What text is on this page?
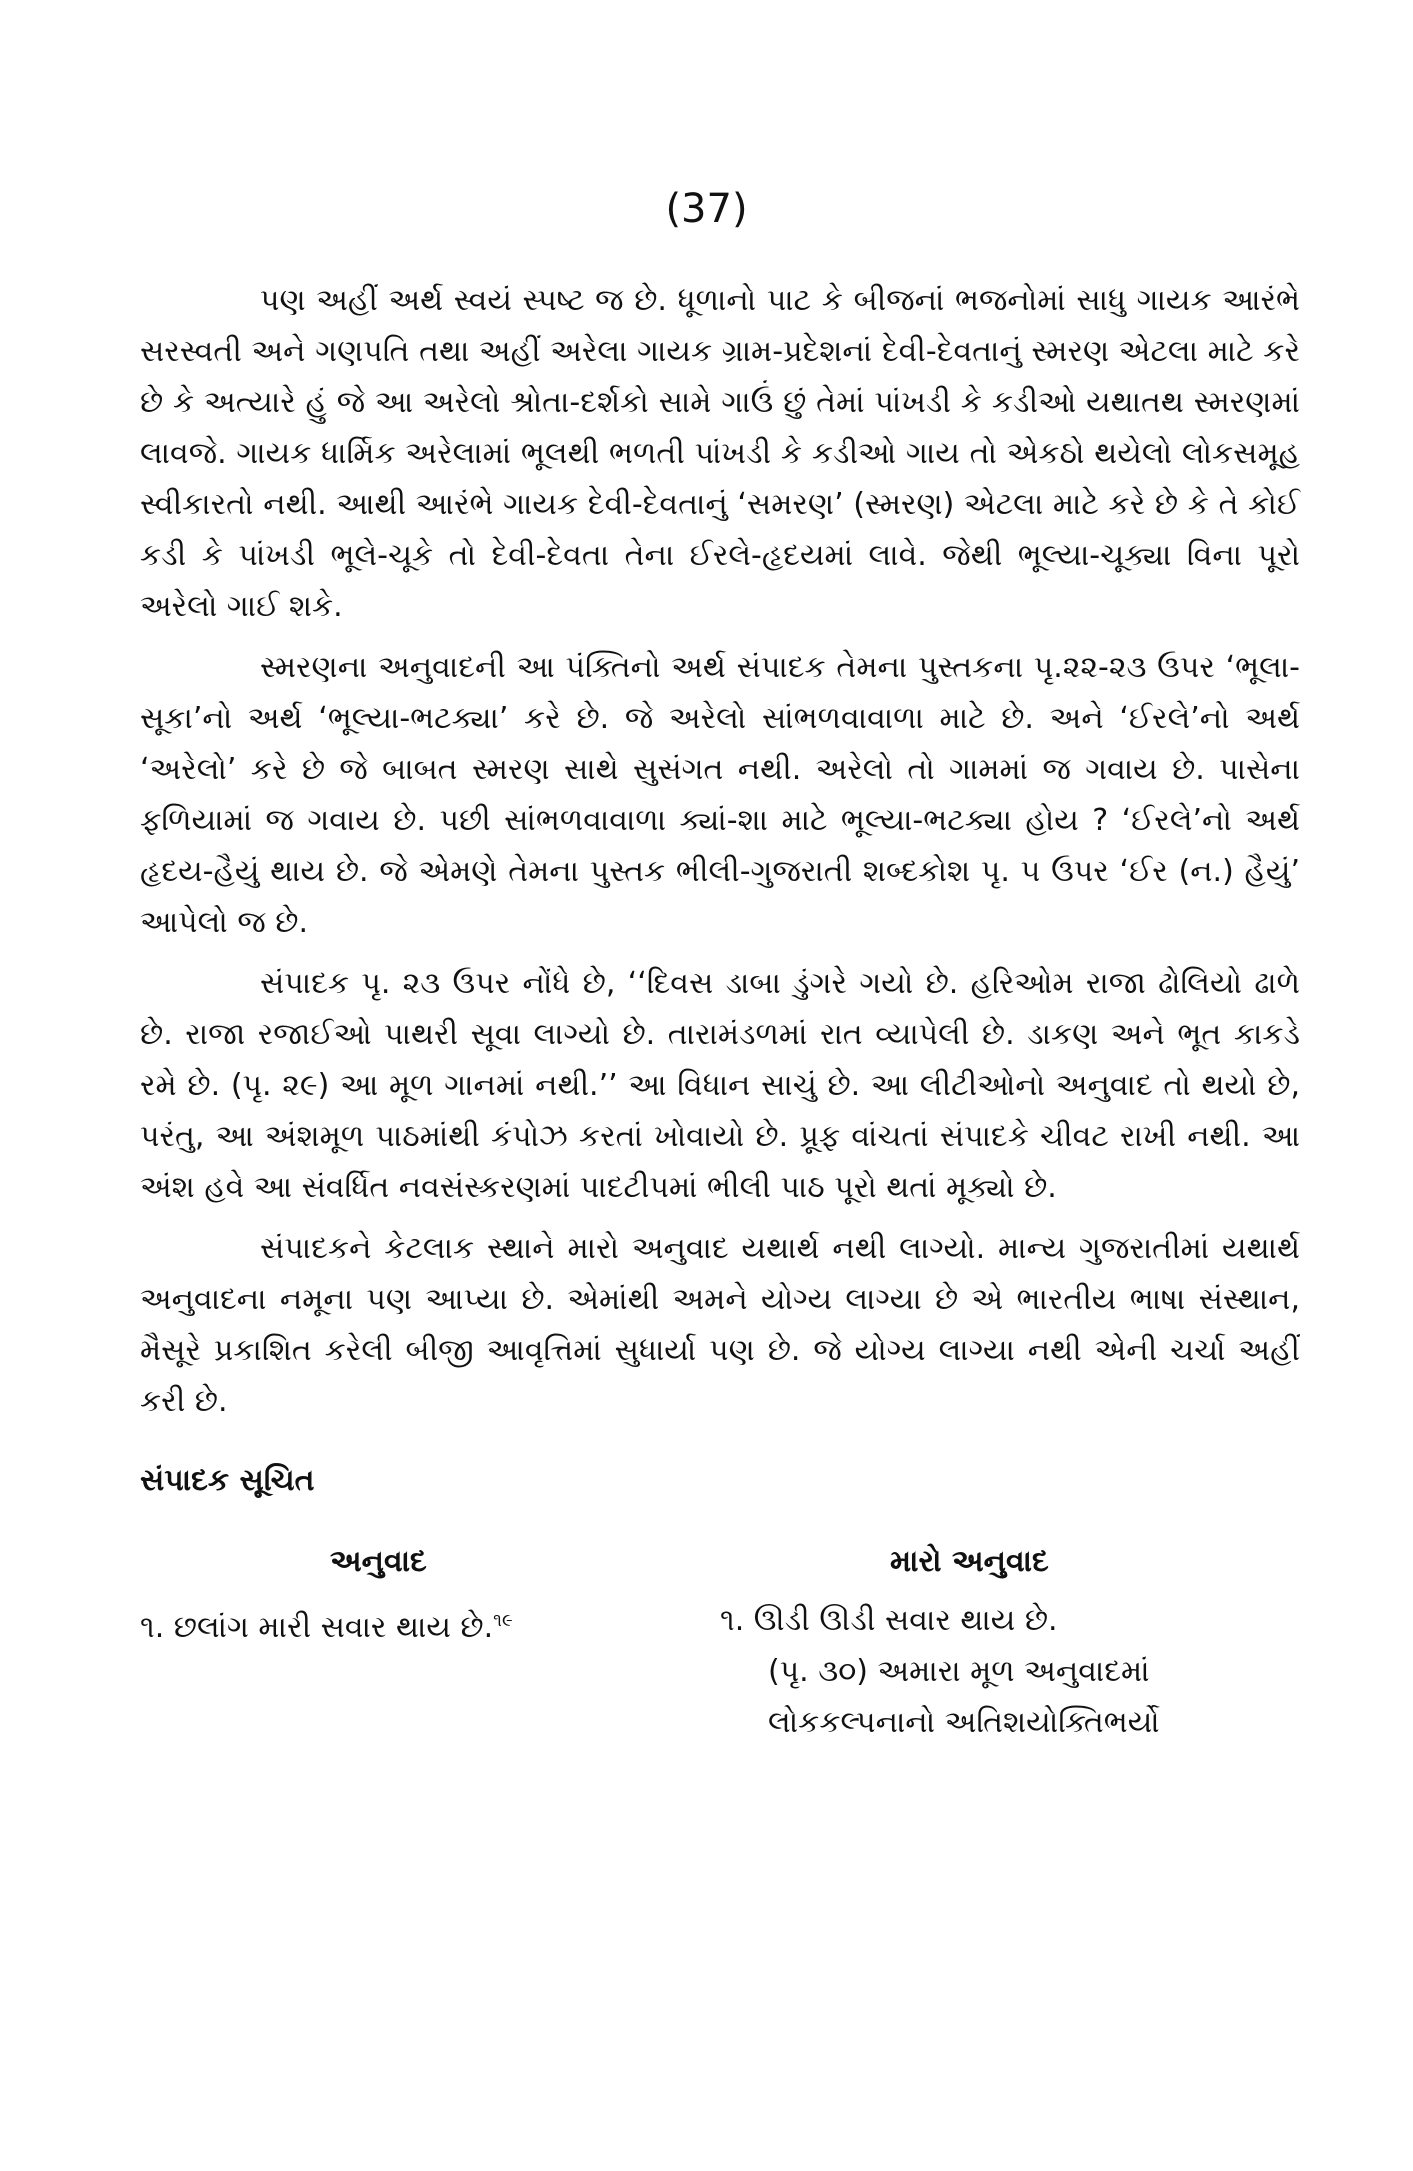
(37)

પણ અહીં અર્થ સ્વયં સ્પષ્ટ જ છે. ધૂળાનો પાટ કે બીજનાં ભજનોમાં સાધુ ગાયક આરંભે સરસ્વતી અને ગણપતિ તથા અહીં અરેલા ગાયક ગ્રામ-પ્રદેશનાં દેવી-દેવતાનું સ્મરણ એટલા માટે કરે છે કે અત્યારે હું જે આ અરેલો શ્રોતા-દર્શકો સામે ગાઉં છું તેમાં પાંખડી કે કડીઓ યથાતથ સ્મરણમાં લાવજે. ગાયક ધાર્મિક અરેલામાં ભૂલથી ભળતી પાંખડી કે કડીઓ ગાય તો એકઠો થયેલો લોકસમૂહ સ્વીકારતો નથી. આથી આરંભે ગાયક દેવી-દેવતાનું ‘સમરણ’ (સ્મરણ) એટલા માટે કરે છે કે તે કોઈ કડી કે પાંખડી ભૂલે-ચૂકે તો દેવી-દેવતા તેના ઈરલે-હૃદયમાં લાવે. જેથી ભૂલ્યા-ચૂક્યા વિના પૂરો અરેલો ગાઈ શકે.

સ્મરણના અનુવાદની આ પંક્તિનો અર્થ સંપાદક તેમના પુસ્તકના પૃ.૨૨-૨૩ ઉપર ‘ભૂલા-સૂકા’નો અર્થ ‘ભૂલ્યા-ભટક્યા’ કરે છે. જે અરેલો સાંભળવાવાળા માટે છે. અને ‘ઈરલે’નો અર્થ ‘અરેલો’ કરે છે જે બાબત સ્મરણ સાથે સુસંગત નથી. અરેલો તો ગામમાં જ ગવાય છે. પાસેના ફળિયામાં જ ગવાય છે. પછી સાંભળવાવાળા ક્યાં-શા માટે ભૂલ્યા-ભટક્યા હોય ? ‘ઈરલે’નો અર્થ હૃદય-હૈયું થાય છે. જે એમણે તેમના પુસ્તક ભીલી-ગુજરાતી શબ્દકોશ પૃ. ૫ ઉપર ‘ઈર (ન.) હૈયું’ આપેલો જ છે.

સંપાદક પૃ. ૨૩ ઉપર નોંધે છે, ‘‘દિવસ ડાબા ડુંગરે ગયો છે. હરિઓમ રાજા ઢોલિયો ઢાળે છે. રાજા રજાઈઓ પાથરી સૂવા લાગ્યો છે. તારામંડળમાં રાત વ્યાપેલી છે. ડાકણ અને ભૂત કાકડે રમે છે. (પૃ. ૨૯) આ મૂળ ગાનમાં નથી.’’ આ વિધાન સાચું છે. આ લીટીઓનો અનુવાદ તો થયો છે, પરંતુ, આ અંશમૂળ પાઠમાંથી કંપોઝ કરતાં ખોવાયો છે. પ્રૂફ વાંચતાં સંપાદકે ચીવટ રાખી નથી. આ અંશ હવે આ સંવર્ધિત નવસંસ્કરણમાં પાદટીપમાં ભીલી પાઠ પૂરો થતાં મૂક્યો છે.

સંપાદકને કેટલાક સ્થાને મારો અનુવાદ યથાર્થ નથી લાગ્યો. માન્ય ગુજરાતીમાં યથાર્થ અનુવાદના નમૂના પણ આપ્યા છે. એમાંથી અમને યોગ્ય લાગ્યા છે એ ભારતીય ભાષા સંસ્થાન, મૈસૂરે પ્રકાશિત કરેલી બીજી આવૃત્તિમાં સુધાર્યા પણ છે. જે યોગ્ય લાગ્યા નથી એની ચર્ચા અહીં કરી છે.

સંપાદક સૂચિત
અનુવાદ	મારો અનુવાદ
૧. છલાંગ મારી સવાર થાય છે.$^{૧૯}$	૧. ઊડી ઊડી સવાર થાય છે.
(પૃ. ૩૦) અમારા મૂળ અનુવાદમાં
લોકકલ્પનાનો અતિશયોક્તિભર્યો
